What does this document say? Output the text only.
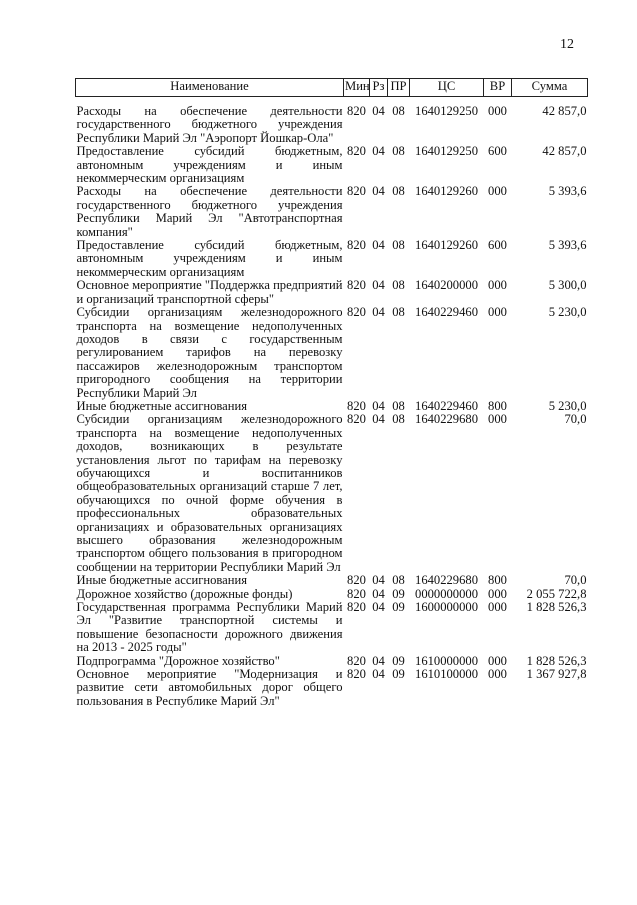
12
Наименование	Мин	Рз	ПР	ЦС	ВР	Сумма
Расходы на обеспечение деятельности государственного бюджетного учреждения Республики Марий Эл "Аэропорт Йошкар-Ола"	820	04	08	1640129250	000	42 857,0
Предоставление субсидий бюджетным, автономным учреждениям и иным некоммерческим организациям	820	04	08	1640129250	600	42 857,0
Расходы на обеспечение деятельности государственного бюджетного учреждения Республики Марий Эл "Автотранспортная компания"	820	04	08	1640129260	000	5 393,6
Предоставление субсидий бюджетным, автономным учреждениям и иным некоммерческим организациям	820	04	08	1640129260	600	5 393,6
Основное мероприятие "Поддержка предприятий и организаций транспортной сферы"	820	04	08	1640200000	000	5 300,0
Субсидии организациям железнодорожного транспорта на возмещение недополученных доходов в связи с государственным регулированием тарифов на перевозку пассажиров железнодорожным транспортом пригородного сообщения на территории Республики Марий Эл	820	04	08	1640229460	000	5 230,0
Иные бюджетные ассигнования	820	04	08	1640229460	800	5 230,0
Субсидии организациям железнодорожного транспорта на возмещение недополученных доходов, возникающих в результате установления льгот по тарифам на перевозку обучающихся и воспитанников общеобразовательных организаций старше 7 лет, обучающихся по очной форме обучения в профессиональных образовательных организациях и образовательных организациях высшего образования железнодорожным транспортом общего пользования в пригородном сообщении на территории Республики Марий Эл	820	04	08	1640229680	000	70,0
Иные бюджетные ассигнования	820	04	08	1640229680	800	70,0
Дорожное хозяйство (дорожные фонды)	820	04	09	0000000000	000	2 055 722,8
Государственная программа Республики Марий Эл "Развитие транспортной системы и повышение безопасности дорожного движения на 2013 - 2025 годы"	820	04	09	1600000000	000	1 828 526,3
Подпрограмма "Дорожное хозяйство"	820	04	09	1610000000	000	1 828 526,3
Основное мероприятие "Модернизация и развитие сети автомобильных дорог общего пользования в Республике Марий Эл"	820	04	09	1610100000	000	1 367 927,8
